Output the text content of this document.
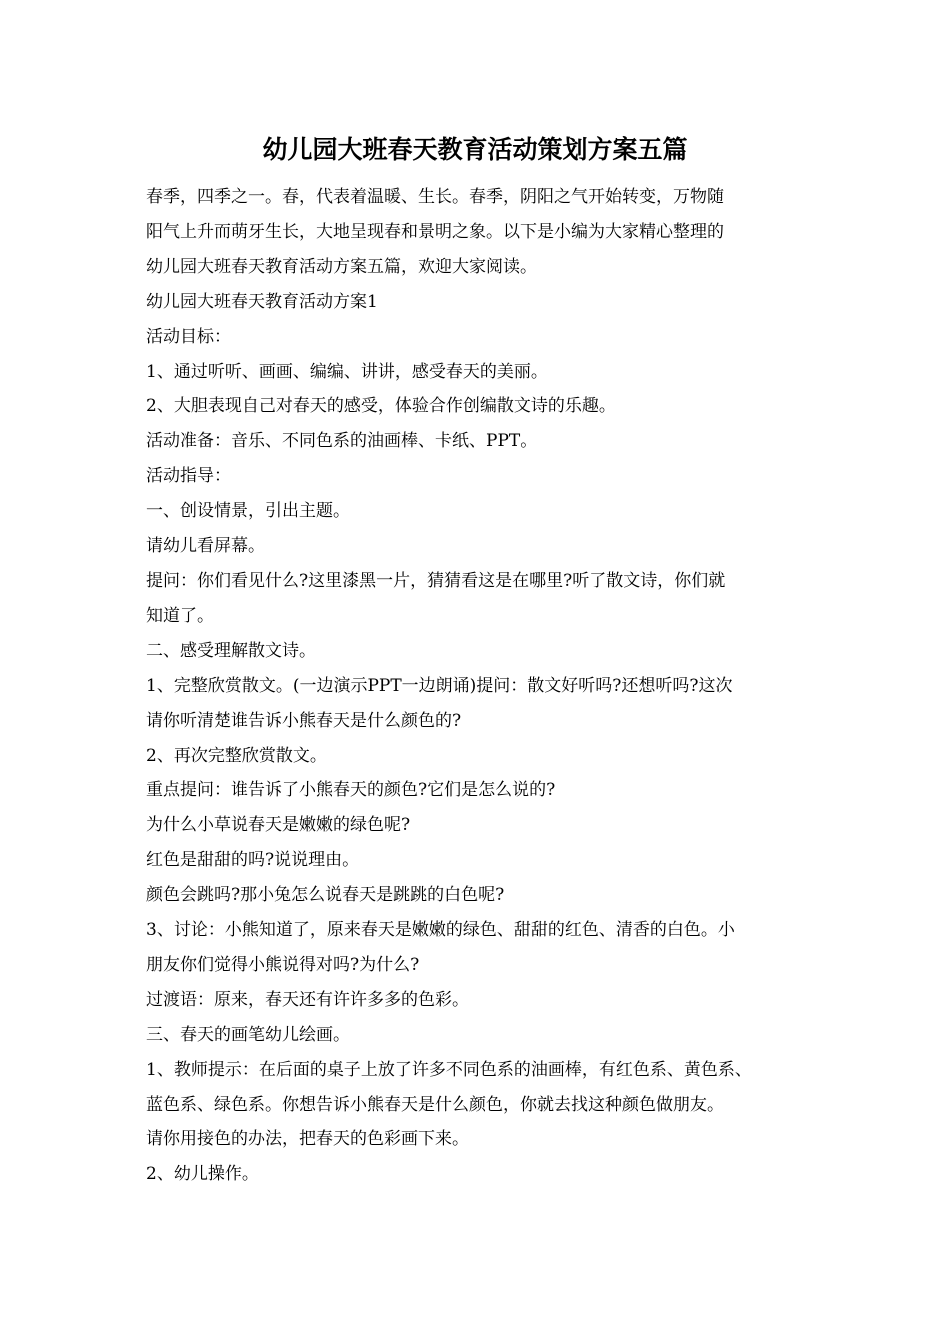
幼儿园大班春天教育活动策划方案五篇
春季，四季之一。春，代表着温暖、生长。春季，阴阳之气开始转变，万物随
阳气上升而萌牙生长，大地呈现春和景明之象。以下是小编为大家精心整理的
幼儿园大班春天教育活动方案五篇，欢迎大家阅读。
幼儿园大班春天教育活动方案1
活动目标：
1、通过听听、画画、编编、讲讲，感受春天的美丽。
2、大胆表现自己对春天的感受，体验合作创编散文诗的乐趣。
活动准备：音乐、不同色系的油画棒、卡纸、PPT。
活动指导：
一、创设情景，引出主题。
请幼儿看屏幕。
提问：你们看见什么?这里漆黑一片，猜猜看这是在哪里?听了散文诗，你们就
知道了。
二、感受理解散文诗。
1、完整欣赏散文。(一边演示PPT一边朗诵)提问：散文好听吗?还想听吗?这次
请你听清楚谁告诉小熊春天是什么颜色的?
2、再次完整欣赏散文。
重点提问：谁告诉了小熊春天的颜色?它们是怎么说的?
为什么小草说春天是嫩嫩的绿色呢?
红色是甜甜的吗?说说理由。
颜色会跳吗?那小兔怎么说春天是跳跳的白色呢?
3、讨论：小熊知道了，原来春天是嫩嫩的绿色、甜甜的红色、清香的白色。小
朋友你们觉得小熊说得对吗?为什么?
过渡语：原来，春天还有许许多多的色彩。
三、春天的画笔幼儿绘画。
1、教师提示：在后面的桌子上放了许多不同色系的油画棒，有红色系、黄色系、
蓝色系、绿色系。你想告诉小熊春天是什么颜色，你就去找这种颜色做朋友。
请你用接色的办法，把春天的色彩画下来。
2、幼儿操作。
